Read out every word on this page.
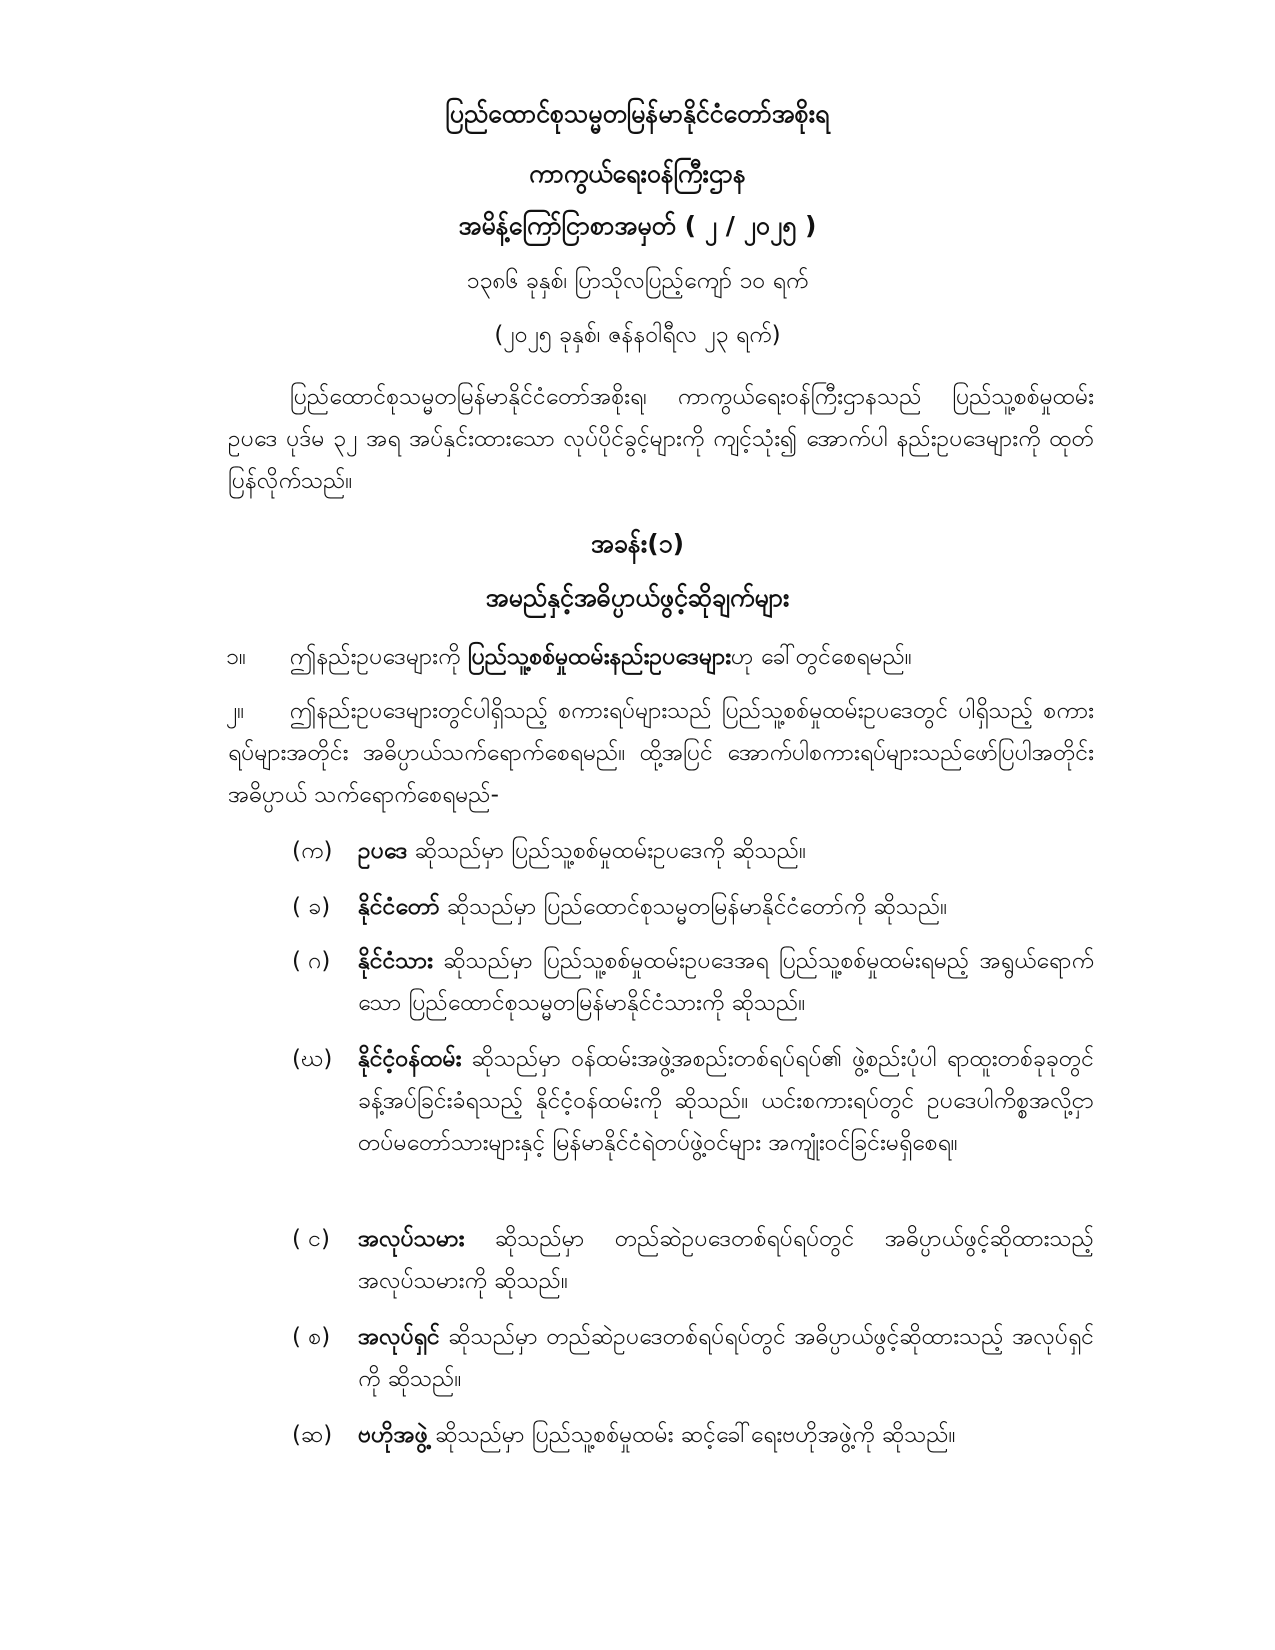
ပြည်ထောင်စုသမ္မတမြန်မာနိုင်ငံတော်အစိုးရ
ကာကွယ်ရေးဝန်ကြီးဌာန
အမိန့်ကြော်ငြာစာအမှတ် ( ၂ / ၂၀၂၅ )
၁၃၈၆ ခုနှစ်၊ ပြာသိုလပြည့်ကျော် ၁၀ ရက်
(၂၀၂၅ ခုနှစ်၊ ဇန်နဝါရီလ ၂၃ ရက်)
ပြည်ထောင်စုသမ္မတမြန်မာနိုင်ငံတော်အစိုးရ၊ ကာကွယ်ရေးဝန်ကြီးဌာနသည် ပြည်သူ့စစ်မှုထမ်းဥပဒေ ပုဒ်မ ၃၂ အရ အပ်နှင်းထားသော လုပ်ပိုင်ခွင့်များကို ကျင့်သုံး၍ အောက်ပါ နည်းဥပဒေများကို ထုတ်ပြန်လိုက်သည်။
အခန်း(၁)
အမည်နှင့်အဓိပ္ပာယ်ဖွင့်ဆိုချက်များ
၁။ ဤနည်းဥပဒေများကို ပြည်သူ့စစ်မှုထမ်းနည်းဥပဒေများဟု ခေါ်တွင်စေရမည်။
၂။	ဤနည်းဥပဒေများတွင်ပါရှိသည့် စကားရပ်များသည် ပြည်သူ့စစ်မှုထမ်းဥပဒေတွင် ပါရှိသည့် စကားရပ်များအတိုင်း အဓိပ္ပာယ်သက်ရောက်စေရမည်။ ထို့အပြင် အောက်ပါစကားရပ်များသည်ဖော်ပြပါအတိုင်း အဓိပ္ပာယ် သက်ရောက်စေရမည်-
(က) ဥပဒေ ဆိုသည်မှာ ပြည်သူ့စစ်မှုထမ်းဥပဒေကို ဆိုသည်။
( ခ) နိုင်ငံတော် ဆိုသည်မှာ ပြည်ထောင်စုသမ္မတမြန်မာနိုင်ငံတော်ကို ဆိုသည်။
( ဂ) နိုင်ငံသား ဆိုသည်မှာ ပြည်သူ့စစ်မှုထမ်းဥပဒေအရ ပြည်သူ့စစ်မှုထမ်းရမည့် အရွယ်ရောက်သော ပြည်ထောင်စုသမ္မတမြန်မာနိုင်ငံသားကို ဆိုသည်။
(ဃ) နိုင်ငံ့ဝန်ထမ်း ဆိုသည်မှာ ဝန်ထမ်းအဖွဲ့အစည်းတစ်ရပ်ရပ်၏ ဖွဲ့စည်းပုံပါ ရာထူးတစ်ခုခုတွင် ခန့်အပ်ခြင်းခံရသည့် နိုင်ငံ့ဝန်ထမ်းကို ဆိုသည်။ ယင်းစကားရပ်တွင် ဥပဒေပါကိစ္စအလို့ငှာ တပ်မတော်သားများနှင့် မြန်မာနိုင်ငံရဲတပ်ဖွဲ့ဝင်များ အကျုံးဝင်ခြင်းမရှိစေရ။
( င) အလုပ်သမား ဆိုသည်မှာ တည်ဆဲဥပဒေတစ်ရပ်ရပ်တွင် အဓိပ္ပာယ်ဖွင့်ဆိုထားသည့် အလုပ်သမားကို ဆိုသည်။
( စ) အလုပ်ရှင် ဆိုသည်မှာ တည်ဆဲဥပဒေတစ်ရပ်ရပ်တွင် အဓိပ္ပာယ်ဖွင့်ဆိုထားသည့် အလုပ်ရှင်ကို ဆိုသည်။
(ဆ) ဗဟိုအဖွဲ့ ဆိုသည်မှာ ပြည်သူ့စစ်မှုထမ်း ဆင့်ခေါ်ရေးဗဟိုအဖွဲ့ကို ဆိုသည်။
